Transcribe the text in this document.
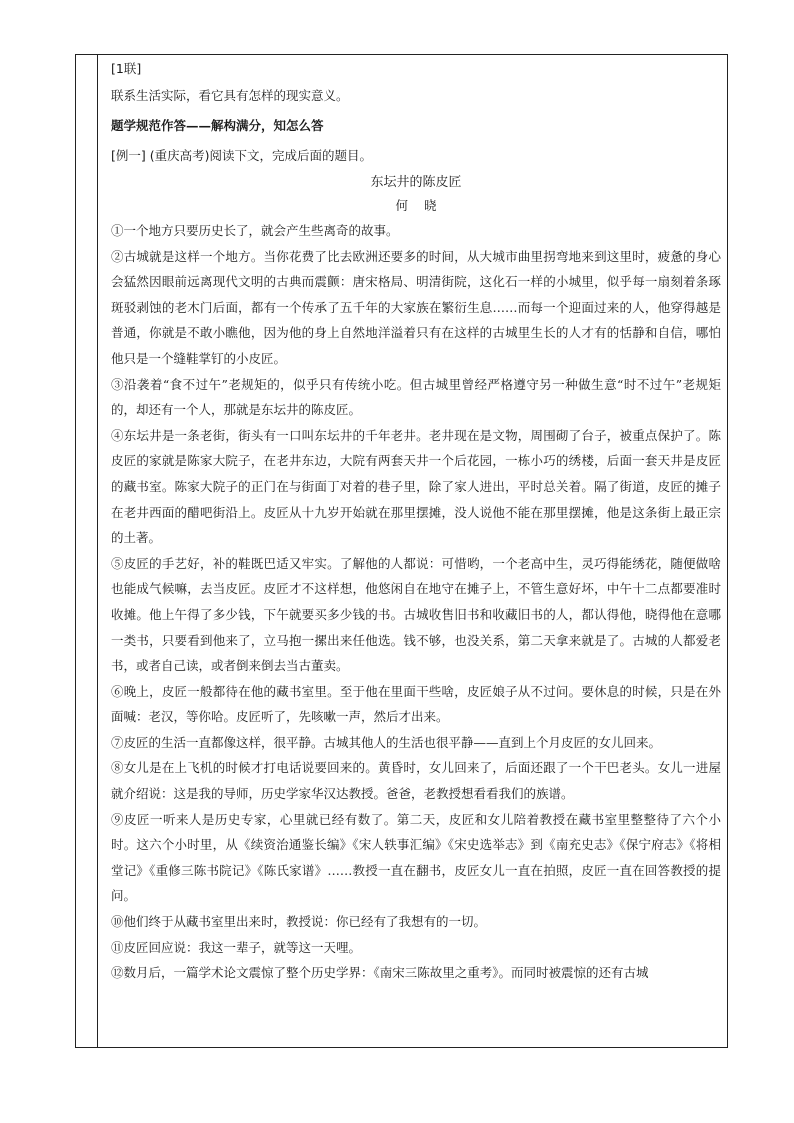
[1联]
联系生活实际，看它具有怎样的现实意义。
题学规范作答——解构满分，知怎么答
[例一] (重庆高考)阅读下文，完成后面的题目。
东坛井的陈皮匠
何    晓

①一个地方只要历史长了，就会产生些离奇的故事。

②古城就是这样一个地方。当你花费了比去欧洲还要多的时间，从大城市曲里拐弯地来到这里时，疲惫的身心会猛然因眼前远离现代文明的古典而震颤：唐宋格局、明清街院，这化石一样的小城里，似乎每一扇刻着条琢斑驳剥蚀的老木门后面，都有一个传承了五千年的大家族在繁衍生息……而每一个迎面过来的人，他穿得越是普通，你就是不敢小瞧他，因为他的身上自然地洋溢着只有在这样的古城里生长的人才有的恬静和自信，哪怕他只是一个缝鞋掌钉的小皮匠。

③沿袭着“食不过午”老规矩的，似乎只有传统小吃。但古城里曾经严格遵守另一种做生意“时不过午”老规矩的，却还有一个人，那就是东坛井的陈皮匠。

④东坛井是一条老街，街头有一口叫东坛井的千年老井。老井现在是文物，周围砌了台子，被重点保护了。陈皮匠的家就是陈家大院子，在老井东边，大院有两套天井一个后花园，一栋小巧的绣楼，后面一套天井是皮匠的藏书室。陈家大院子的正门在与街面丁对着的巷子里，除了家人进出，平时总关着。隔了街道，皮匠的摊子在老井西面的醋吧街沿上。皮匠从十九岁开始就在那里摆摊，没人说他不能在那里摆摊，他是这条街上最正宗的土著。

⑤皮匠的手艺好，补的鞋既巴适又牢实。了解他的人都说：可惜哟，一个老高中生，灵巧得能绣花，随便做啥也能成气候嘛，去当皮匠。皮匠才不这样想，他悠闲自在地守在摊子上，不管生意好坏，中午十二点都要准时收摊。他上午得了多少钱，下午就要买多少钱的书。古城收售旧书和收藏旧书的人，都认得他，晓得他在意哪一类书，只要看到他来了，立马抱一摞出来任他选。钱不够，也没关系，第二天拿来就是了。古城的人都爱老书，或者自己读，或者倒来倒去当古董卖。

⑥晚上，皮匠一般都待在他的藏书室里。至于他在里面干些啥，皮匠娘子从不过问。要休息的时候，只是在外面喊：老汉，等你哈。皮匠听了，先咳嗽一声，然后才出来。

⑦皮匠的生活一直都像这样，很平静。古城其他人的生活也很平静——直到上个月皮匠的女儿回来。

⑧女儿是在上飞机的时候才打电话说要回来的。黄昏时，女儿回来了，后面还跟了一个干巴老头。女儿一进屋就介绍说：这是我的导师，历史学家华汉达教授。爸爸，老教授想看看我们的族谱。

⑨皮匠一听来人是历史专家，心里就已经有数了。第二天，皮匠和女儿陪着教授在藏书室里整整待了六个小时。这六个小时里，从《续资治通鉴长编》《宋人轶事汇编》《宋史选举志》到《南充史志》《保宁府志》《将相堂记》《重修三陈书院记》《陈氏家谱》……教授一直在翻书，皮匠女儿一直在拍照，皮匠一直在回答教授的提问。

⑩他们终于从藏书室里出来时，教授说：你已经有了我想有的一切。

⑪皮匠回应说：我这一辈子，就等这一天哩。

⑫数月后，一篇学术论文震惊了整个历史学界：《南宋三陈故里之重考》。而同时被震惊的还有古城
